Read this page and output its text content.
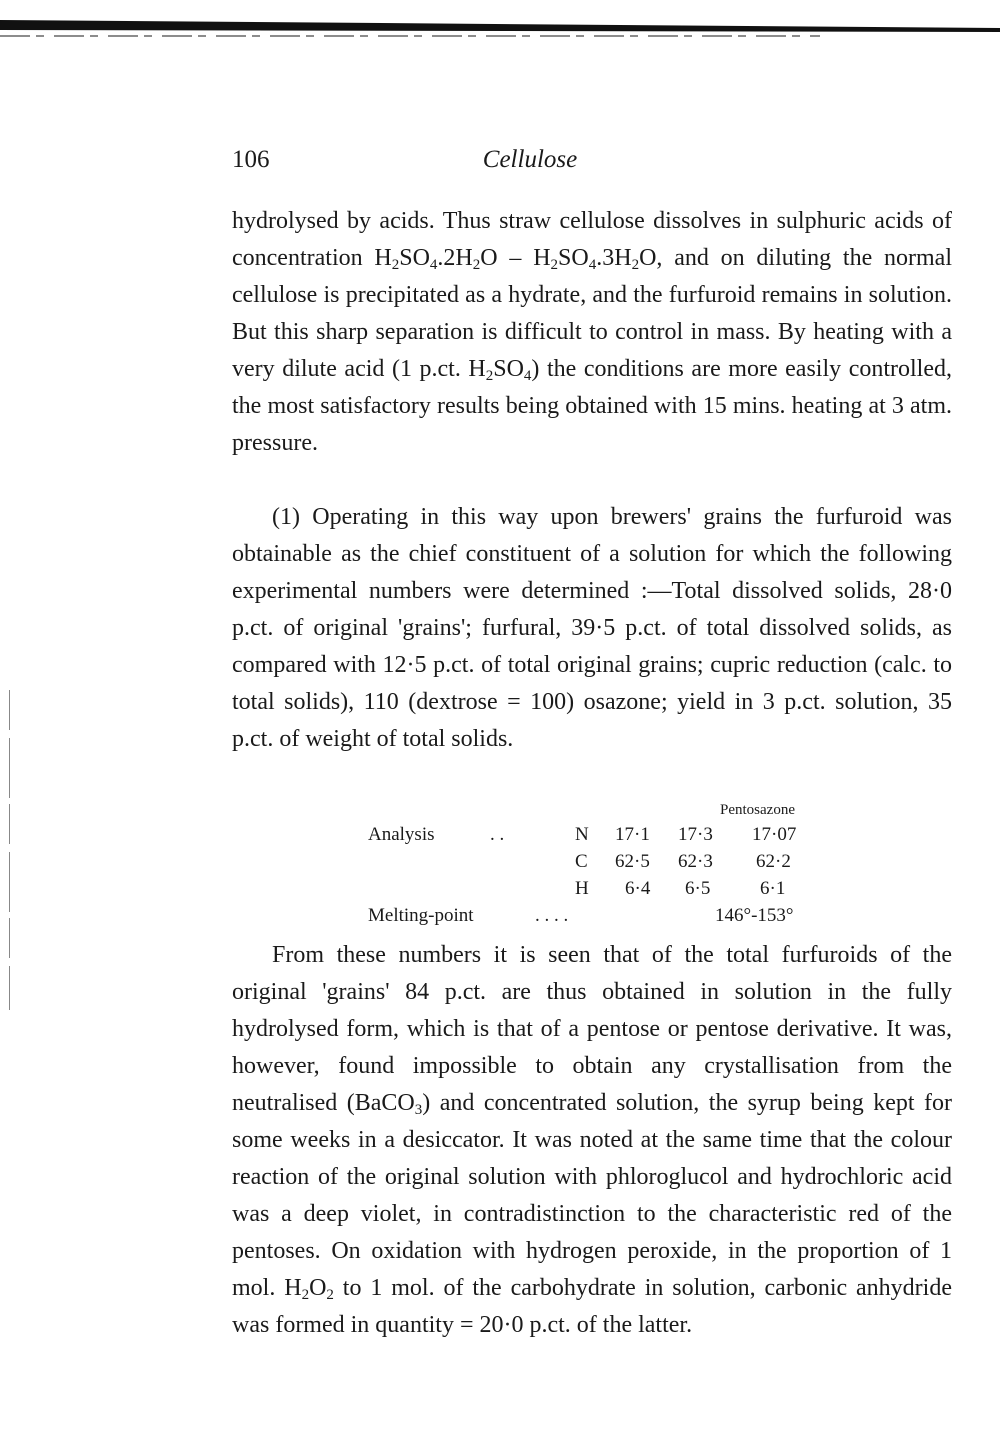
106	Cellulose

hydrolysed by acids. Thus straw cellulose dissolves in sulphuric acids of concentration $H_2SO_4.2H_2O - H_2SO_4.3H_2O$, and on diluting the normal cellulose is precipitated as a hydrate, and the furfuroid remains in solution. But this sharp separation is difficult to control in mass. By heating with a very dilute acid (1 p.ct. $H_2SO_4$) the conditions are more easily controlled, the most satisfactory results being obtained with 15 mins. heating at 3 atm. pressure.

(1) Operating in this way upon brewers' grains the furfuroid was obtainable as the chief constituent of a solution for which the following experimental numbers were determined :—Total dissolved solids, 28·0 p.ct. of original 'grains'; furfural, 39·5 p.ct. of total dissolved solids, as compared with 12·5 p.ct. of total original grains; cupric reduction (calc. to total solids), 110 (dextrose = 100) osazone; yield in 3 p.ct. solution, 35 p.ct. of weight of total solids.

Pentosazone
Analysis	. .	N 17·1 17·3 17·07
C 62·5 62·3 62·2
H 6·4 6·5	6·1
Melting-point	. . . .	146°-153°

From these numbers it is seen that of the total furfuroids of the original 'grains' 84 p.ct. are thus obtained in solution in the fully hydrolysed form, which is that of a pentose or pentose derivative. It was, however, found impossible to obtain any crystallisation from the neutralised (BaCO$_3$) and concentrated solution, the syrup being kept for some weeks in a desiccator. It was noted at the same time that the colour reaction of the original solution with phloroglucol and hydrochloric acid was a deep violet, in contradistinction to the characteristic red of the pentoses. On oxidation with hydrogen peroxide, in the proportion of 1 mol. $H_2O_2$ to 1 mol. of the carbohydrate in solution, carbonic anhydride was formed in quantity = 20·0 p.ct. of the latter.
